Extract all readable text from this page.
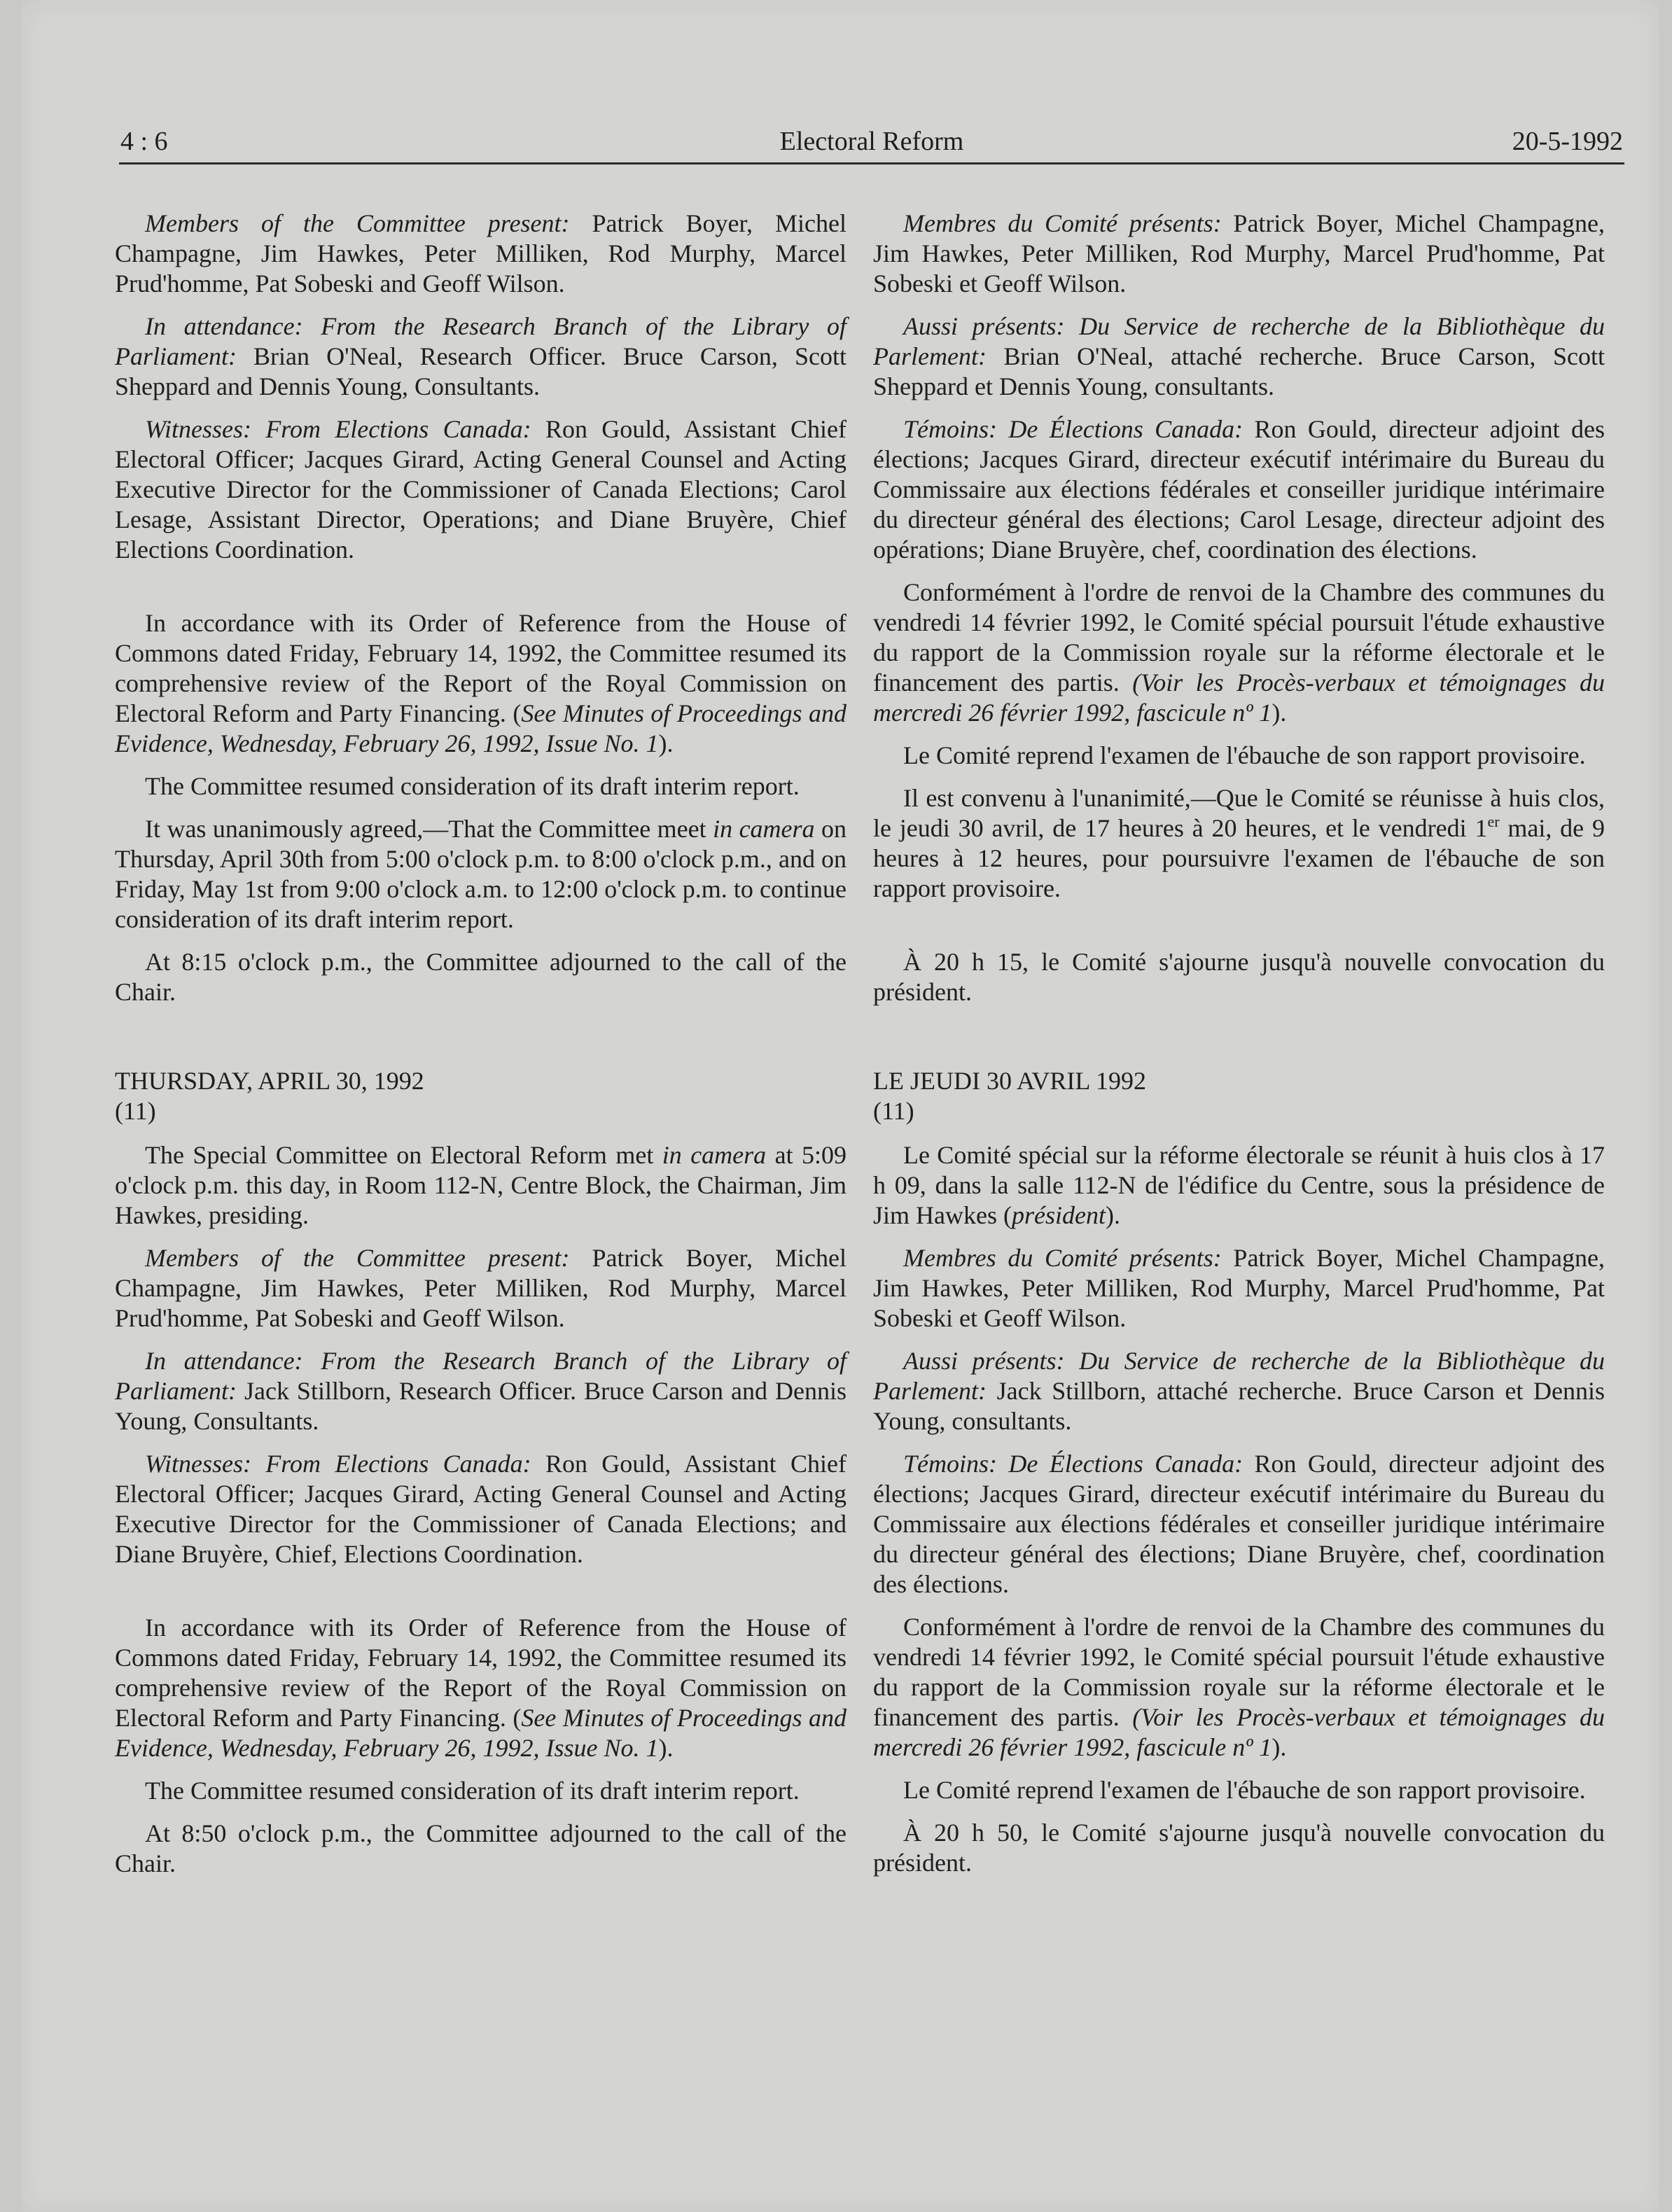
4 : 6	Electoral Reform	20-5-1992

Members of the Committee present: Patrick Boyer, Michel Champagne, Jim Hawkes, Peter Milliken, Rod Murphy, Marcel Prud'homme, Pat Sobeski and Geoff Wilson.

In attendance: From the Research Branch of the Library of Parliament: Brian O'Neal, Research Officer. Bruce Carson, Scott Sheppard and Dennis Young, Consultants.

Witnesses: From Elections Canada: Ron Gould, Assistant Chief Electoral Officer; Jacques Girard, Acting General Counsel and Acting Executive Director for the Commissioner of Canada Elections; Carol Lesage, Assistant Director, Operations; and Diane Bruyère, Chief Elections Coordination.

In accordance with its Order of Reference from the House of Commons dated Friday, February 14, 1992, the Committee resumed its comprehensive review of the Report of the Royal Commission on Electoral Reform and Party Financing. (See Minutes of Proceedings and Evidence, Wednesday, February 26, 1992, Issue No. 1).

The Committee resumed consideration of its draft interim report.

It was unanimously agreed,—That the Committee meet in camera on Thursday, April 30th from 5:00 o'clock p.m. to 8:00 o'clock p.m., and on Friday, May 1st from 9:00 o'clock a.m. to 12:00 o'clock p.m. to continue consideration of its draft interim report.

At 8:15 o'clock p.m., the Committee adjourned to the call of the Chair.

THURSDAY, APRIL 30, 1992
(11)

The Special Committee on Electoral Reform met in camera at 5:09 o'clock p.m. this day, in Room 112-N, Centre Block, the Chairman, Jim Hawkes, presiding.

Members of the Committee present: Patrick Boyer, Michel Champagne, Jim Hawkes, Peter Milliken, Rod Murphy, Marcel Prud'homme, Pat Sobeski and Geoff Wilson.

In attendance: From the Research Branch of the Library of Parliament: Jack Stillborn, Research Officer. Bruce Carson and Dennis Young, Consultants.

Witnesses: From Elections Canada: Ron Gould, Assistant Chief Electoral Officer; Jacques Girard, Acting General Counsel and Acting Executive Director for the Commissioner of Canada Elections; and Diane Bruyère, Chief, Elections Coordination.

In accordance with its Order of Reference from the House of Commons dated Friday, February 14, 1992, the Committee resumed its comprehensive review of the Report of the Royal Commission on Electoral Reform and Party Financing. (See Minutes of Proceedings and Evidence, Wednesday, February 26, 1992, Issue No. 1).

The Committee resumed consideration of its draft interim report.

At 8:50 o'clock p.m., the Committee adjourned to the call of the Chair.

Membres du Comité présents: Patrick Boyer, Michel Champagne, Jim Hawkes, Peter Milliken, Rod Murphy, Marcel Prud'homme, Pat Sobeski et Geoff Wilson.

Aussi présents: Du Service de recherche de la Bibliothèque du Parlement: Brian O'Neal, attaché recherche. Bruce Carson, Scott Sheppard et Dennis Young, consultants.

Témoins: De Élections Canada: Ron Gould, directeur adjoint des élections; Jacques Girard, directeur exécutif intérimaire du Bureau du Commissaire aux élections fédérales et conseiller juridique intérimaire du directeur général des élections; Carol Lesage, directeur adjoint des opérations; Diane Bruyère, chef, coordination des élections.

Conformément à l'ordre de renvoi de la Chambre des communes du vendredi 14 février 1992, le Comité spécial poursuit l'étude exhaustive du rapport de la Commission royale sur la réforme électorale et le financement des partis. (Voir les Procès-verbaux et témoignages du mercredi 26 février 1992, fascicule nº 1).

Le Comité reprend l'examen de l'ébauche de son rapport provisoire.

Il est convenu à l'unanimité,—Que le Comité se réunisse à huis clos, le jeudi 30 avril, de 17 heures à 20 heures, et le vendredi 1er mai, de 9 heures à 12 heures, pour poursuivre l'examen de l'ébauche de son rapport provisoire.

À 20 h 15, le Comité s'ajourne jusqu'à nouvelle convocation du président.

LE JEUDI 30 AVRIL 1992
(11)

Le Comité spécial sur la réforme électorale se réunit à huis clos à 17 h 09, dans la salle 112-N de l'édifice du Centre, sous la présidence de Jim Hawkes (président).

Membres du Comité présents: Patrick Boyer, Michel Champagne, Jim Hawkes, Peter Milliken, Rod Murphy, Marcel Prud'homme, Pat Sobeski et Geoff Wilson.

Aussi présents: Du Service de recherche de la Bibliothèque du Parlement: Jack Stillborn, attaché recherche. Bruce Carson et Dennis Young, consultants.

Témoins: De Élections Canada: Ron Gould, directeur adjoint des élections; Jacques Girard, directeur exécutif intérimaire du Bureau du Commissaire aux élections fédérales et conseiller juridique intérimaire du directeur général des élections; Diane Bruyère, chef, coordination des élections.

Conformément à l'ordre de renvoi de la Chambre des communes du vendredi 14 février 1992, le Comité spécial poursuit l'étude exhaustive du rapport de la Commission royale sur la réforme électorale et le financement des partis. (Voir les Procès-verbaux et témoignages du mercredi 26 février 1992, fascicule nº 1).

Le Comité reprend l'examen de l'ébauche de son rapport provisoire.

À 20 h 50, le Comité s'ajourne jusqu'à nouvelle convocation du président.
